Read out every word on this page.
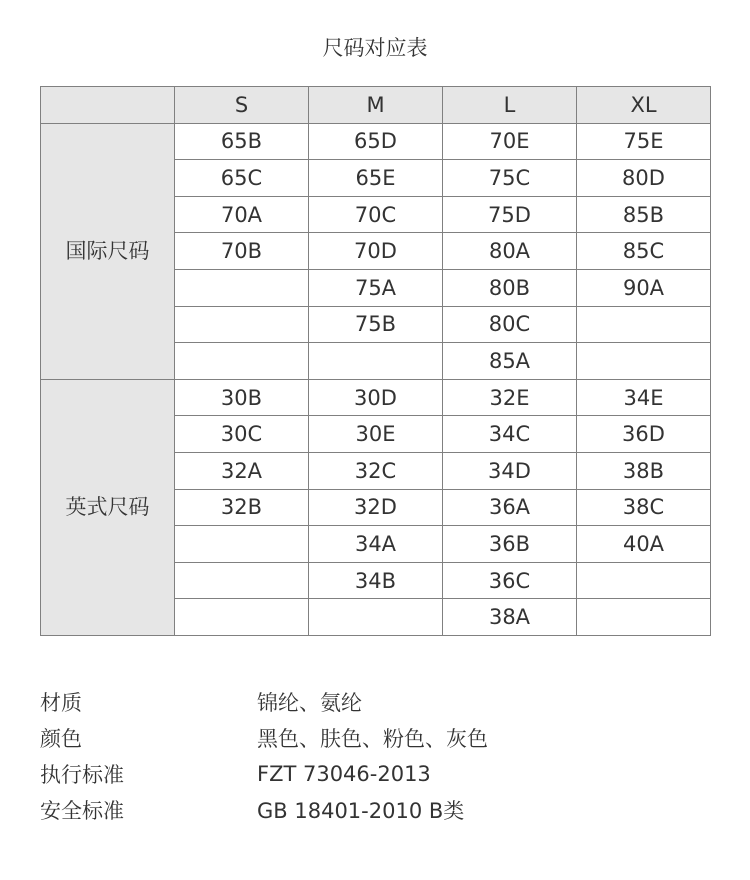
尺码对应表
	S	M	L	XL
国际尺码	65B	65D	70E	75E
	65C	65E	75C	80D
	70A	70C	75D	85B
	70B	70D	80A	85C
		75A	80B	90A
		75B	80C	
			85A	
英式尺码	30B	30D	32E	34E
	30C	30E	34C	36D
	32A	32C	34D	38B
	32B	32D	36A	38C
		34A	36B	40A
		34B	36C	
			38A	
材质	锦纶、氨纶
颜色	黑色、肤色、粉色、灰色
执行标准	FZT 73046-2013
安全标准	GB 18401-2010 B类
